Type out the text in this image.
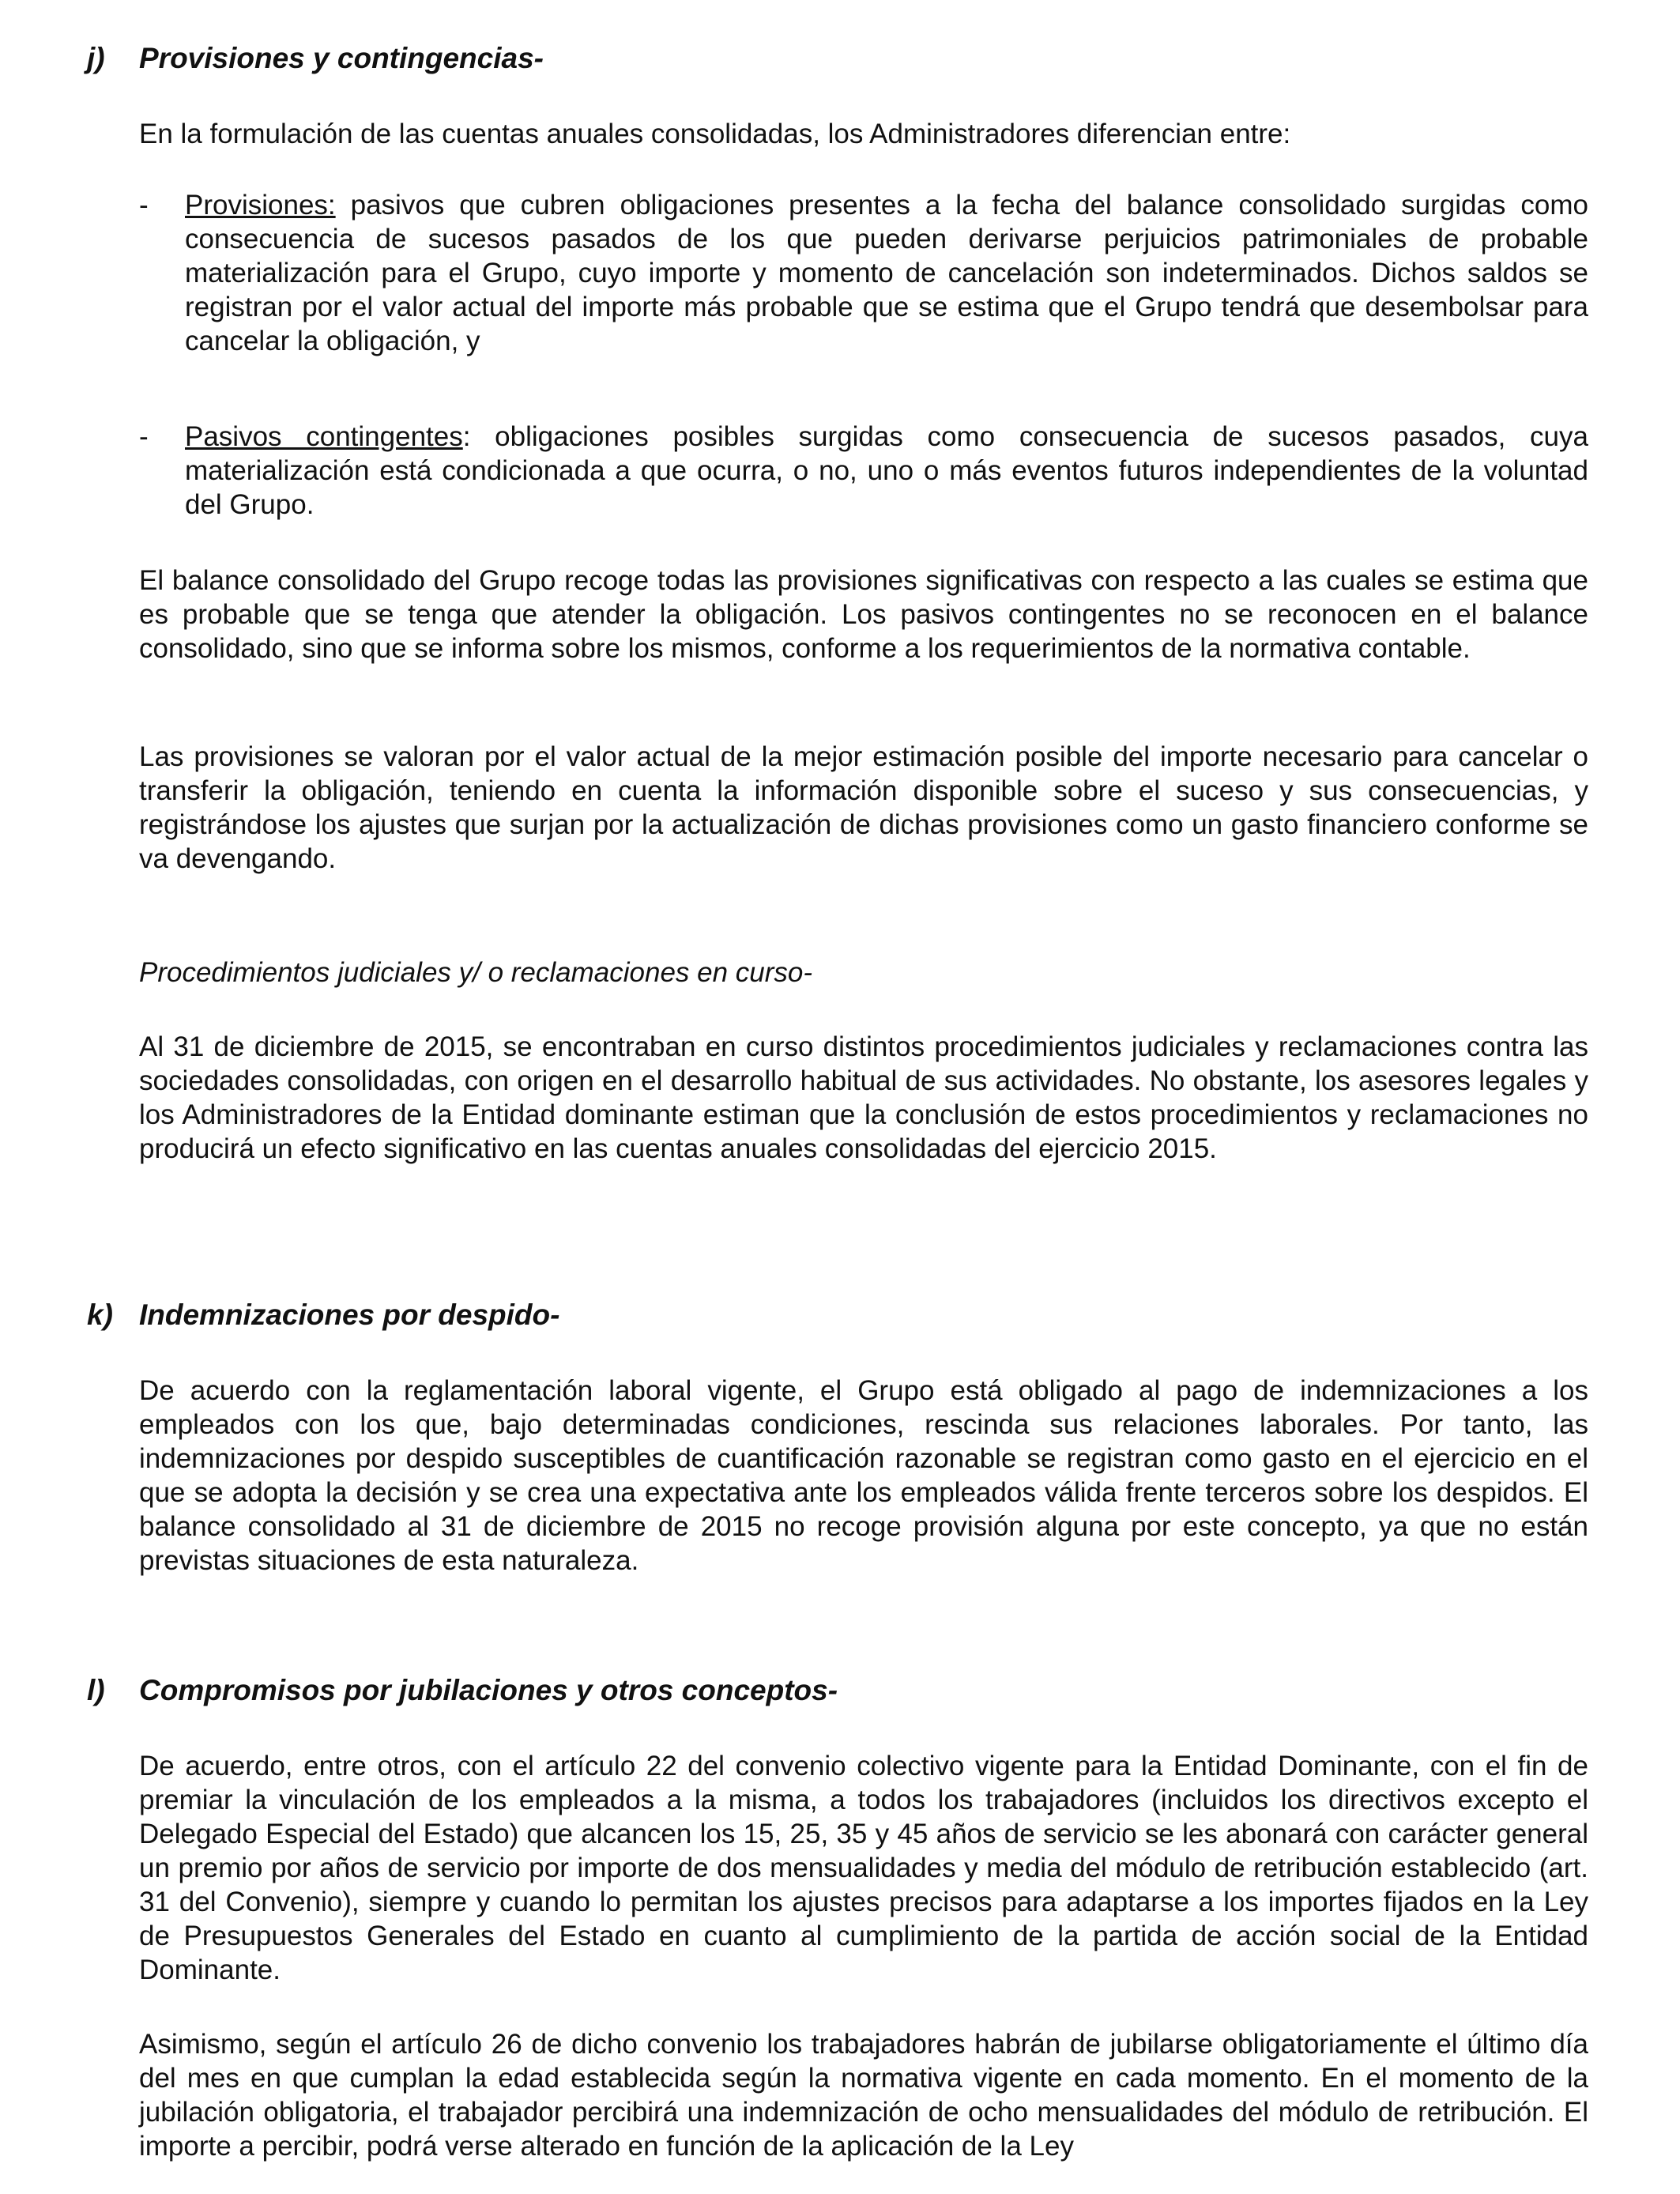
j) Provisiones y contingencias-
En la formulación de las cuentas anuales consolidadas, los Administradores diferencian entre:
- Provisiones: pasivos que cubren obligaciones presentes a la fecha del balance consolidado surgidas como consecuencia de sucesos pasados de los que pueden derivarse perjuicios patrimoniales de probable materialización para el Grupo, cuyo importe y momento de cancelación son indeterminados. Dichos saldos se registran por el valor actual del importe más probable que se estima que el Grupo tendrá que desembolsar para cancelar la obligación, y
- Pasivos contingentes: obligaciones posibles surgidas como consecuencia de sucesos pasados, cuya materialización está condicionada a que ocurra, o no, uno o más eventos futuros independientes de la voluntad del Grupo.
El balance consolidado del Grupo recoge todas las provisiones significativas con respecto a las cuales se estima que es probable que se tenga que atender la obligación. Los pasivos contingentes no se reconocen en el balance consolidado, sino que se informa sobre los mismos, conforme a los requerimientos de la normativa contable.
Las provisiones se valoran por el valor actual de la mejor estimación posible del importe necesario para cancelar o transferir la obligación, teniendo en cuenta la información disponible sobre el suceso y sus consecuencias, y registrándose los ajustes que surjan por la actualización de dichas provisiones como un gasto financiero conforme se va devengando.
Procedimientos judiciales y/ o reclamaciones en curso-
Al 31 de diciembre de 2015, se encontraban en curso distintos procedimientos judiciales y reclamaciones contra las sociedades consolidadas, con origen en el desarrollo habitual de sus actividades. No obstante, los asesores legales y los Administradores de la Entidad dominante estiman que la conclusión de estos procedimientos y reclamaciones no producirá un efecto significativo en las cuentas anuales consolidadas del ejercicio 2015.
k) Indemnizaciones por despido-
De acuerdo con la reglamentación laboral vigente, el Grupo está obligado al pago de indemnizaciones a los empleados con los que, bajo determinadas condiciones, rescinda sus relaciones laborales. Por tanto, las indemnizaciones por despido susceptibles de cuantificación razonable se registran como gasto en el ejercicio en el que se adopta la decisión y se crea una expectativa ante los empleados válida frente terceros sobre los despidos. El balance consolidado al 31 de diciembre de 2015 no recoge provisión alguna por este concepto, ya que no están previstas situaciones de esta naturaleza.
l) Compromisos por jubilaciones y otros conceptos-
De acuerdo, entre otros, con el artículo 22 del convenio colectivo vigente para la Entidad Dominante, con el fin de premiar la vinculación de los empleados a la misma, a todos los trabajadores (incluidos los directivos excepto el Delegado Especial del Estado) que alcancen los 15, 25, 35 y 45 años de servicio se les abonará con carácter general un premio por años de servicio por importe de dos mensualidades y media del módulo de retribución establecido (art. 31 del Convenio), siempre y cuando lo permitan los ajustes precisos para adaptarse a los importes fijados en la Ley de Presupuestos Generales del Estado en cuanto al cumplimiento de la partida de acción social de la Entidad Dominante.
Asimismo, según el artículo 26 de dicho convenio los trabajadores habrán de jubilarse obligatoriamente el último día del mes en que cumplan la edad establecida según la normativa vigente en cada momento. En el momento de la jubilación obligatoria, el trabajador percibirá una indemnización de ocho mensualidades del módulo de retribución. El importe a percibir, podrá verse alterado en función de la aplicación de la Ley
